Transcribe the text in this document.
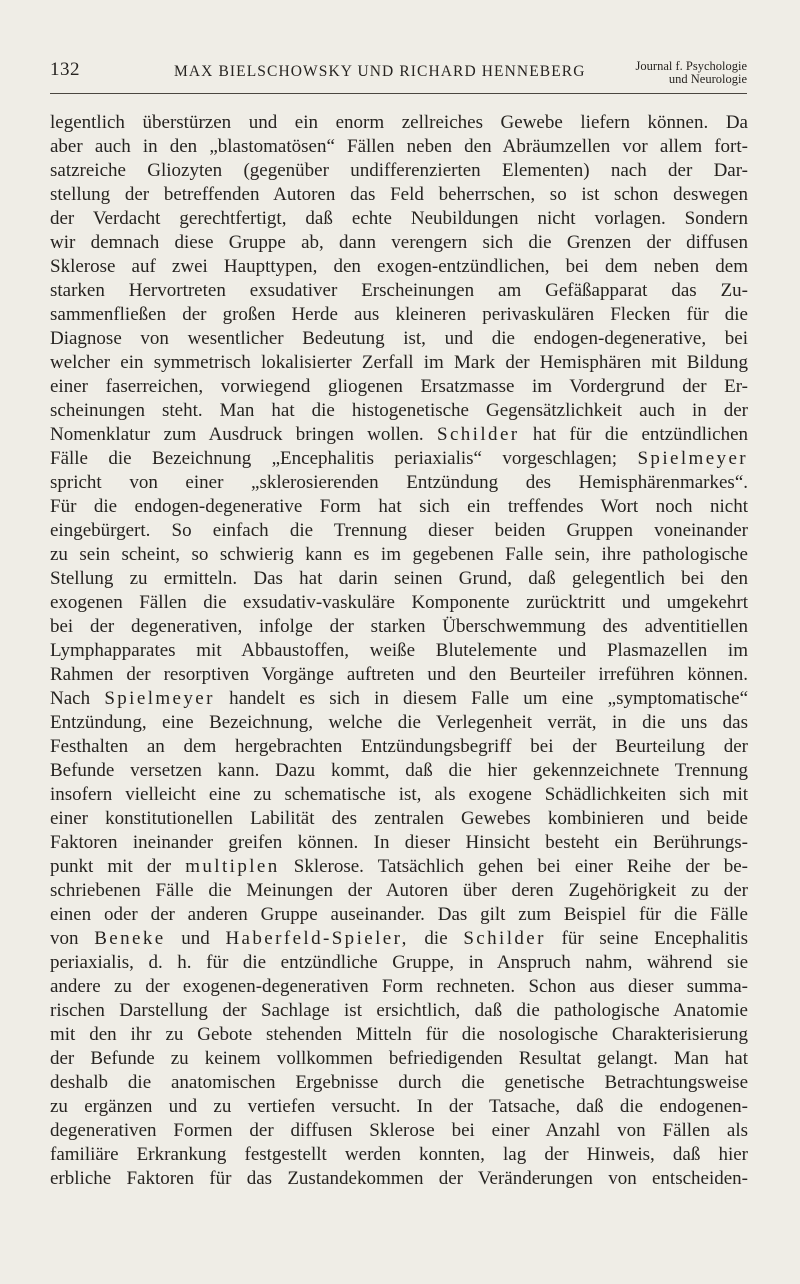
132	MAX BIELSCHOWSKY UND RICHARD HENNEBERG	Journal f. Psychologie
und Neurologie
legentlich überstürzen und ein enorm zellreiches Gewebe liefern können. Da
aber auch in den „blastomatösen“ Fällen neben den Abräumzellen vor allem fort-
satzreiche Gliozyten (gegenüber undifferenzierten Elementen) nach der Dar-
stellung der betreffenden Autoren das Feld beherrschen, so ist schon deswegen
der Verdacht gerechtfertigt, daß echte Neubildungen nicht vorlagen. Sondern
wir demnach diese Gruppe ab, dann verengern sich die Grenzen der diffusen
Sklerose auf zwei Haupttypen, den exogen-entzündlichen, bei dem neben dem
starken Hervortreten exsudativer Erscheinungen am Gefäßapparat das Zu-
sammenfließen der großen Herde aus kleineren perivaskulären Flecken für die
Diagnose von wesentlicher Bedeutung ist, und die endogen-degenerative, bei
welcher ein symmetrisch lokalisierter Zerfall im Mark der Hemisphären mit Bildung
einer faserreichen, vorwiegend gliogenen Ersatzmasse im Vordergrund der Er-
scheinungen steht. Man hat die histogenetische Gegensätzlichkeit auch in der
Nomenklatur zum Ausdruck bringen wollen. Schilder hat für die entzündlichen
Fälle die Bezeichnung „Encephalitis periaxialis“ vorgeschlagen; Spielmeyer
spricht von einer „sklerosierenden Entzündung des Hemisphärenmarkes“.
Für die endogen-degenerative Form hat sich ein treffendes Wort noch nicht
eingebürgert. So einfach die Trennung dieser beiden Gruppen voneinander
zu sein scheint, so schwierig kann es im gegebenen Falle sein, ihre pathologische
Stellung zu ermitteln. Das hat darin seinen Grund, daß gelegentlich bei den
exogenen Fällen die exsudativ-vaskuläre Komponente zurücktritt und umgekehrt
bei der degenerativen, infolge der starken Überschwemmung des adventitiellen
Lymphapparates mit Abbaustoffen, weiße Blutelemente und Plasmazellen im
Rahmen der resorptiven Vorgänge auftreten und den Beurteiler irreführen können.
Nach Spielmeyer handelt es sich in diesem Falle um eine „symptomatische“
Entzündung, eine Bezeichnung, welche die Verlegenheit verrät, in die uns das
Festhalten an dem hergebrachten Entzündungsbegriff bei der Beurteilung der
Befunde versetzen kann. Dazu kommt, daß die hier gekennzeichnete Trennung
insofern vielleicht eine zu schematische ist, als exogene Schädlichkeiten sich mit
einer konstitutionellen Labilität des zentralen Gewebes kombinieren und beide
Faktoren ineinander greifen können. In dieser Hinsicht besteht ein Berührungs-
punkt mit der multiplen Sklerose. Tatsächlich gehen bei einer Reihe der be-
schriebenen Fälle die Meinungen der Autoren über deren Zugehörigkeit zu der
einen oder der anderen Gruppe auseinander. Das gilt zum Beispiel für die Fälle
von Beneke und Haberfeld-Spieler, die Schilder für seine Encephalitis
periaxialis, d. h. für die entzündliche Gruppe, in Anspruch nahm, während sie
andere zu der exogenen-degenerativen Form rechneten. Schon aus dieser summa-
rischen Darstellung der Sachlage ist ersichtlich, daß die pathologische Anatomie
mit den ihr zu Gebote stehenden Mitteln für die nosologische Charakterisierung
der Befunde zu keinem vollkommen befriedigenden Resultat gelangt. Man hat
deshalb die anatomischen Ergebnisse durch die genetische Betrachtungsweise
zu ergänzen und zu vertiefen versucht. In der Tatsache, daß die endogenen-
degenerativen Formen der diffusen Sklerose bei einer Anzahl von Fällen als
familiäre Erkrankung festgestellt werden konnten, lag der Hinweis, daß hier
erbliche Faktoren für das Zustandekommen der Veränderungen von entscheiden-
